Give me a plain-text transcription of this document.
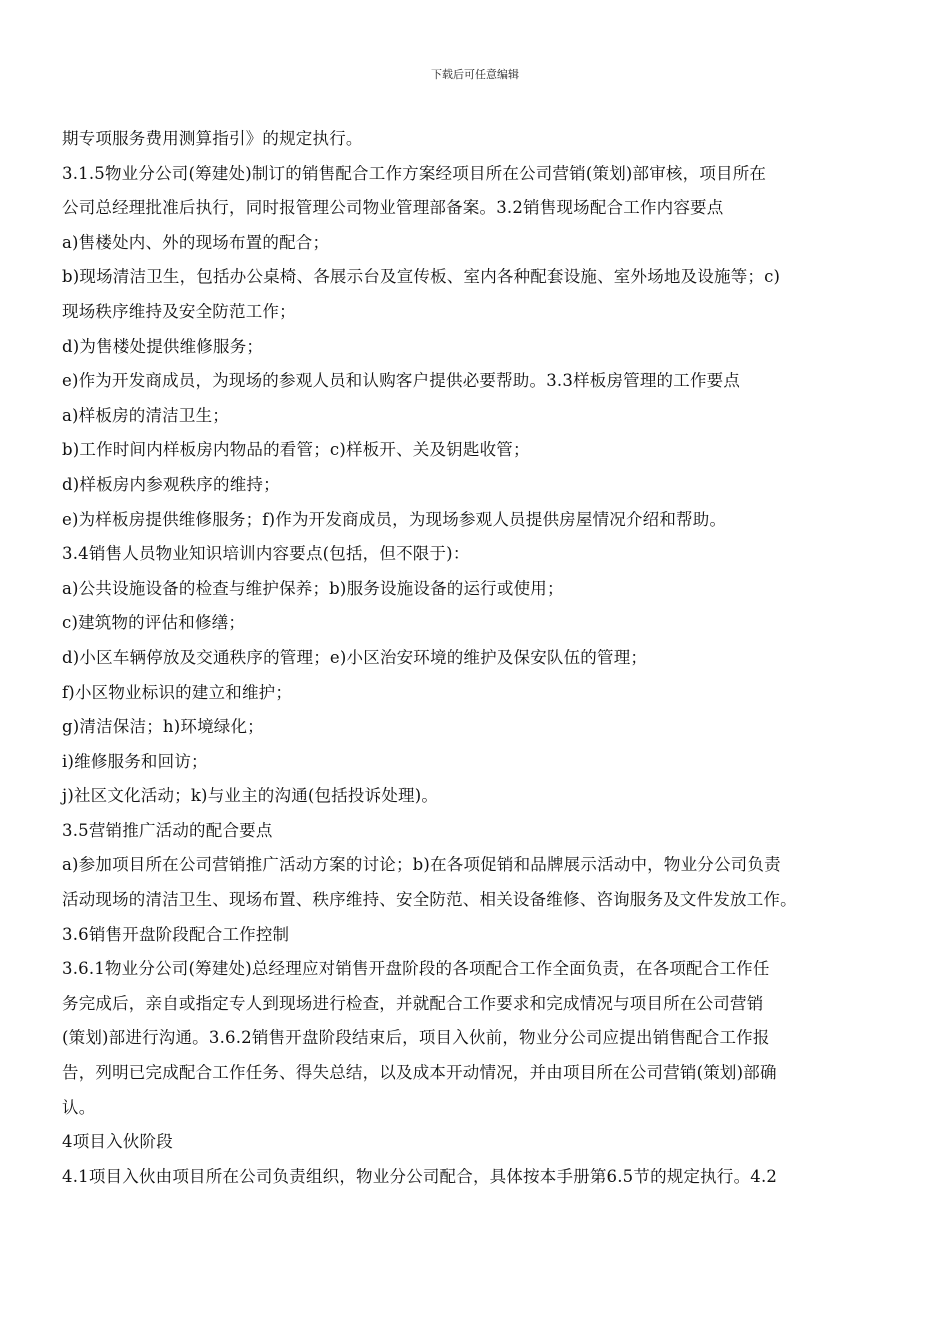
下载后可任意编辑
期专项服务费用测算指引》的规定执行。
3.1.5物业分公司(筹建处)制订的销售配合工作方案经项目所在公司营销(策划)部审核，项目所在
公司总经理批准后执行，同时报管理公司物业管理部备案。3.2销售现场配合工作内容要点
a)售楼处内、外的现场布置的配合；
b)现场清洁卫生，包括办公桌椅、各展示台及宣传板、室内各种配套设施、室外场地及设施等；c)
现场秩序维持及安全防范工作；
d)为售楼处提供维修服务；
e)作为开发商成员，为现场的参观人员和认购客户提供必要帮助。3.3样板房管理的工作要点
a)样板房的清洁卫生；
b)工作时间内样板房内物品的看管；c)样板开、关及钥匙收管；
d)样板房内参观秩序的维持；
e)为样板房提供维修服务；f)作为开发商成员，为现场参观人员提供房屋情况介绍和帮助。
3.4销售人员物业知识培训内容要点(包括，但不限于)：
a)公共设施设备的检查与维护保养；b)服务设施设备的运行或使用；
c)建筑物的评估和修缮；
d)小区车辆停放及交通秩序的管理；e)小区治安环境的维护及保安队伍的管理；
f)小区物业标识的建立和维护；
g)清洁保洁；h)环境绿化；
i)维修服务和回访；
j)社区文化活动；k)与业主的沟通(包括投诉处理)。
3.5营销推广活动的配合要点
a)参加项目所在公司营销推广活动方案的讨论；b)在各项促销和品牌展示活动中，物业分公司负责
活动现场的清洁卫生、现场布置、秩序维持、安全防范、相关设备维修、咨询服务及文件发放工作。
3.6销售开盘阶段配合工作控制
3.6.1物业分公司(筹建处)总经理应对销售开盘阶段的各项配合工作全面负责，在各项配合工作任
务完成后，亲自或指定专人到现场进行检查，并就配合工作要求和完成情况与项目所在公司营销
(策划)部进行沟通。3.6.2销售开盘阶段结束后，项目入伙前，物业分公司应提出销售配合工作报
告，列明已完成配合工作任务、得失总结，以及成本开动情况，并由项目所在公司营销(策划)部确
认。
4项目入伙阶段
4.1项目入伙由项目所在公司负责组织，物业分公司配合，具体按本手册第6.5节的规定执行。4.2
